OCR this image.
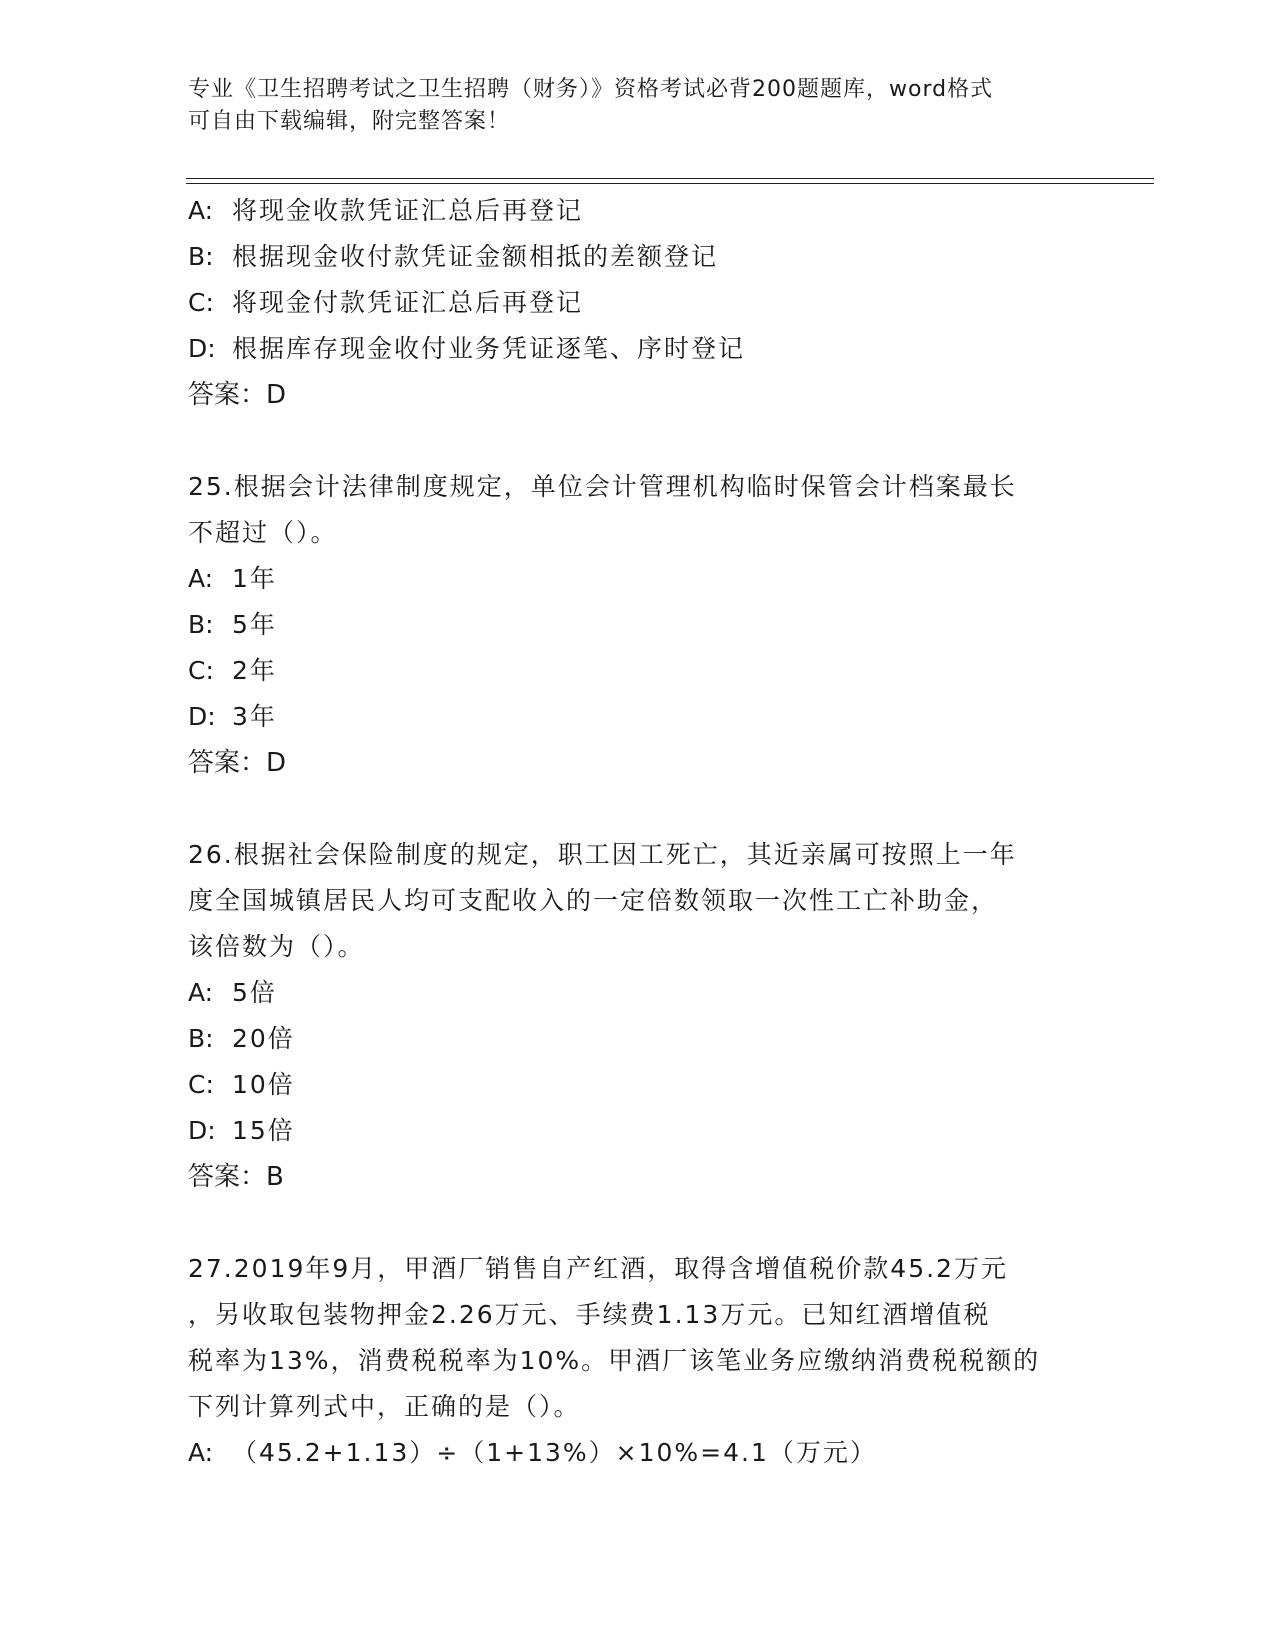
专业《卫生招聘考试之卫生招聘（财务）》资格考试必背200题题库，word格式
可自由下载编辑，附完整答案！
A: 将现金收款凭证汇总后再登记
B: 根据现金收付款凭证金额相抵的差额登记
C: 将现金付款凭证汇总后再登记
D: 根据库存现金收付业务凭证逐笔、序时登记
答案：D
25.根据会计法律制度规定，单位会计管理机构临时保管会计档案最长
不超过（）。
A: 1年
B: 5年
C: 2年
D: 3年
答案：D
26.根据社会保险制度的规定，职工因工死亡，其近亲属可按照上一年
度全国城镇居民人均可支配收入的一定倍数领取一次性工亡补助金，
该倍数为（）。
A: 5倍
B: 20倍
C: 10倍
D: 15倍
答案：B
27.2019年9月，甲酒厂销售自产红酒，取得含增值税价款45.2万元
，另收取包装物押金2.26万元、手续费1.13万元。已知红酒增值税
税率为13%，消费税税率为10%。甲酒厂该笔业务应缴纳消费税税额的
下列计算列式中，正确的是（）。
A: （45.2+1.13）÷（1+13%）×10%=4.1（万元）
